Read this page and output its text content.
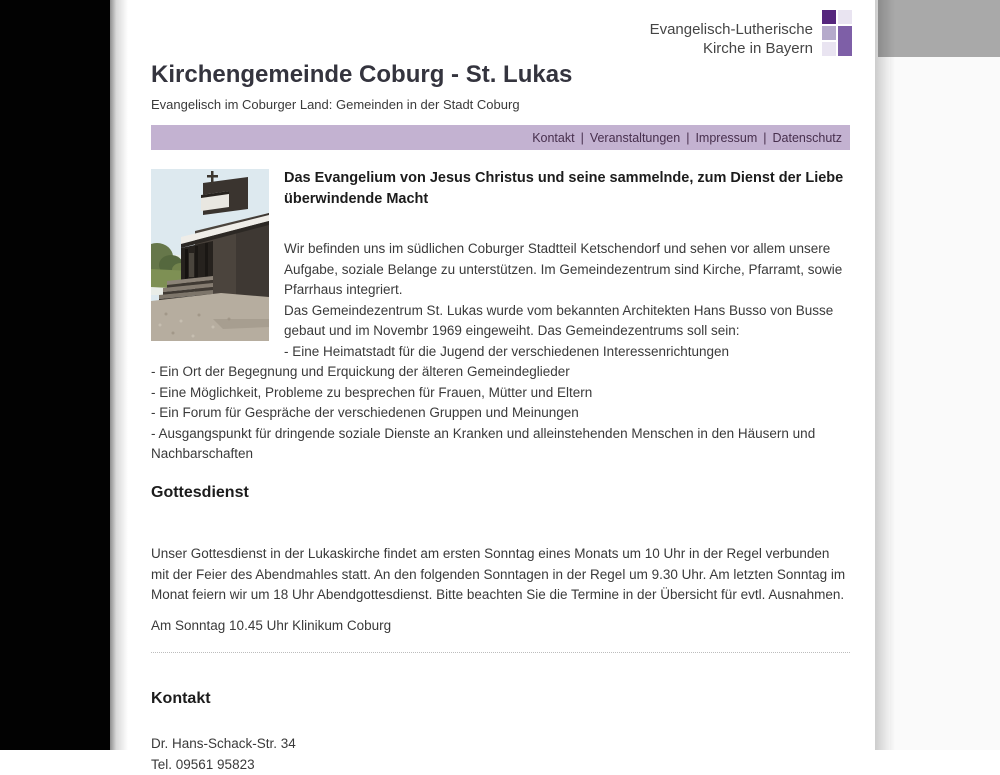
Evangelisch-Lutherische
Kirche in Bayern
Kirchengemeinde Coburg - St. Lukas
Evangelisch im Coburger Land: Gemeinden in der Stadt Coburg
Kontakt | Veranstaltungen | Impressum | Datenschutz
Das Evangelium von Jesus Christus und seine sammelnde, zum Dienst der Liebe überwindende Macht

Wir befinden uns im südlichen Coburger Stadtteil Ketschendorf und sehen vor allem unsere Aufgabe, soziale Belange zu unterstützen. Im Gemeindezentrum sind Kirche, Pfarramt, sowie Pfarrhaus integriert.

Das Gemeindezentrum St. Lukas wurde vom bekannten Architekten Hans Busso von Busse gebaut und im Novembr 1969 eingeweiht. Das Gemeindezentrums soll sein:

- Eine Heimatstadt für die Jugend der verschiedenen Interessenrichtungen

- Ein Ort der Begegnung und Erquickung der älteren Gemeindeglieder

- Eine Möglichkeit, Probleme zu besprechen für Frauen, Mütter und Eltern

- Ein Forum für Gespräche der verschiedenen Gruppen und Meinungen

- Ausgangspunkt für dringende soziale Dienste an Kranken und alleinstehenden Menschen in den Häusern und Nachbarschaften

Gottesdienst

Unser Gottesdienst in der Lukaskirche findet am ersten Sonntag eines Monats um 10 Uhr in der Regel verbunden mit der Feier des Abendmahles statt. An den folgenden Sonntagen in der Regel um 9.30 Uhr. Am letzten Sonntag im Monat feiern wir um 18 Uhr Abendgottesdienst. Bitte beachten Sie die Termine in der Übersicht für evtl. Ausnahmen.

Am Sonntag 10.45 Uhr Klinikum Coburg

Kontakt

Dr. Hans-Schack-Str. 34

Tel. 09561 95823
